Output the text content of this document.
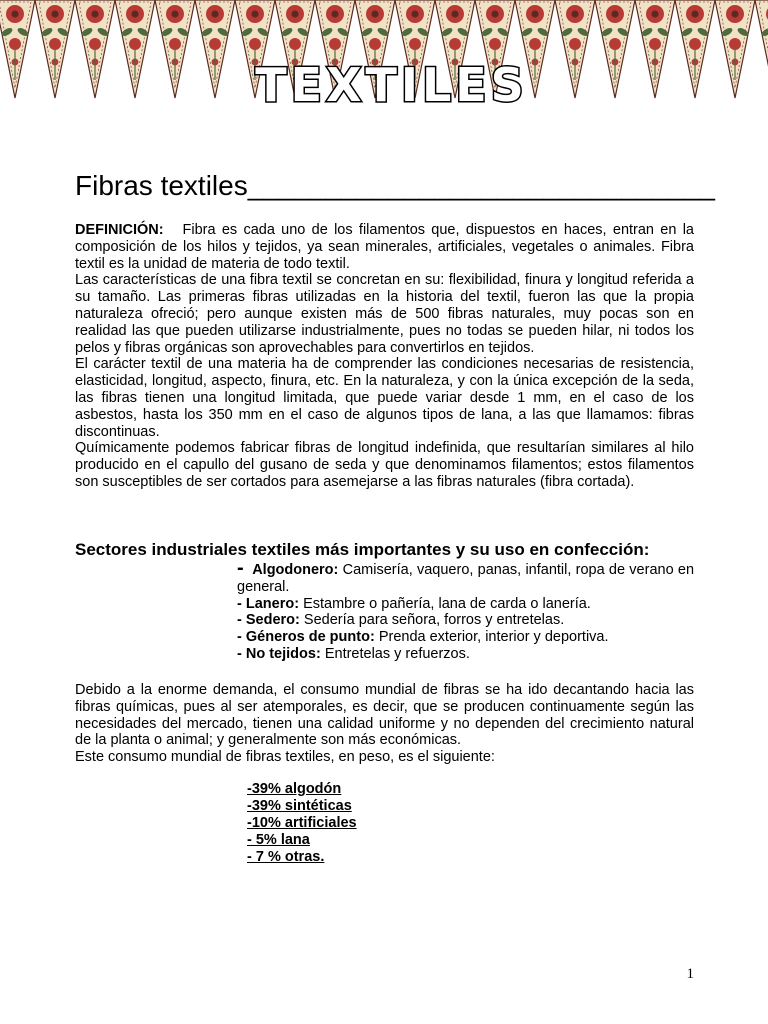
TEXTILES
Fibras textiles______________________________

DEFINICIÓN: Fibra es cada uno de los filamentos que, dispuestos en haces, entran en la composición de los hilos y tejidos, ya sean minerales, artificiales, vegetales o animales. Fibra textil es la unidad de materia de todo textil.

Las características de una fibra textil se concretan en su: flexibilidad, finura y longitud referida a su tamaño. Las primeras fibras utilizadas en la historia del textil, fueron las que la propia naturaleza ofreció; pero aunque existen más de 500 fibras naturales, muy pocas son en realidad las que pueden utilizarse industrialmente, pues no todas se pueden hilar, ni todos los pelos y fibras orgánicas son aprovechables para convertirlos en tejidos.

El carácter textil de una materia ha de comprender las condiciones necesarias de resistencia, elasticidad, longitud, aspecto, finura, etc. En la naturaleza, y con la única excepción de la seda, las fibras tienen una longitud limitada, que puede variar desde 1 mm, en el caso de los asbestos, hasta los 350 mm en el caso de algunos tipos de lana, a las que llamamos: fibras discontinuas.

Químicamente podemos fabricar fibras de longitud indefinida, que resultarían similares al hilo producido en el capullo del gusano de seda y que denominamos filamentos; estos filamentos son susceptibles de ser cortados para asemejarse a las fibras naturales (fibra cortada).

Sectores industriales textiles más importantes y su uso en confección:

- Algodonero: Camisería, vaquero, panas, infantil, ropa de verano en general.

- Lanero: Estambre o pañería, lana de carda o lanería.

- Sedero: Sedería para señora, forros y entretelas.

- Géneros de punto: Prenda exterior, interior y deportiva.

- No tejidos: Entretelas y refuerzos.

Debido a la enorme demanda, el consumo mundial de fibras se ha ido decantando hacia las fibras químicas, pues al ser atemporales, es decir, que se producen continuamente según las necesidades del mercado, tienen una calidad uniforme y no dependen del crecimiento natural de la planta o animal; y generalmente son más económicas.

Este consumo mundial de fibras textiles, en peso, es el siguiente:

-39% algodón
-39% sintéticas
-10% artificiales
- 5% lana
- 7 % otras.
1
